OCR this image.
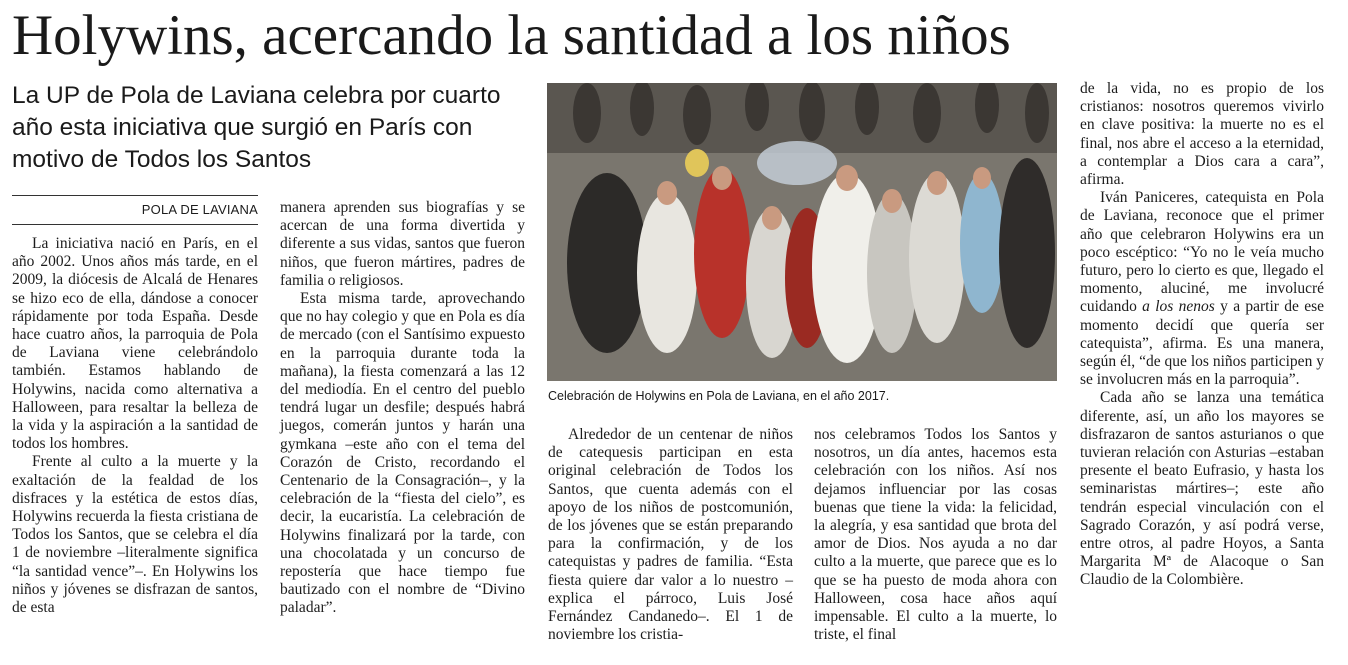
Holywins, acercando la santidad a los niños
La UP de Pola de Laviana celebra por cuarto año esta iniciativa que surgió en París con motivo de Todos los Santos
POLA DE LAVIANA

La iniciativa nació en París, en el año 2002. Unos años más tarde, en el 2009, la diócesis de Alcalá de Henares se hizo eco de ella, dándose a conocer rápidamente por toda España. Desde hace cuatro años, la parroquia de Pola de Laviana viene celebrándolo también. Estamos hablando de Holywins, nacida como alternativa a Halloween, para resaltar la belleza de la vida y la aspiración a la santidad de todos los hombres.

Frente al culto a la muerte y la exaltación de la fealdad de los disfraces y la estética de estos días, Holywins recuerda la fiesta cristiana de Todos los Santos, que se celebra el día 1 de noviembre –literalmente significa “la santidad vence”–. En Holywins los niños y jóvenes se disfrazan de santos, de esta

manera aprenden sus biografías y se acercan de una forma divertida y diferente a sus vidas, santos que fueron niños, que fueron mártires, padres de familia o religiosos.

Esta misma tarde, aprovechando que no hay colegio y que en Pola es día de mercado (con el Santísimo expuesto en la parroquia durante toda la mañana), la fiesta comenzará a las 12 del mediodía. En el centro del pueblo tendrá lugar un desfile; después habrá juegos, comerán juntos y harán una gymkana –este año con el tema del Corazón de Cristo, recordando el Centenario de la Consagración–, y la celebración de la “fiesta del cielo”, es decir, la eucaristía. La celebración de Holywins finalizará por la tarde, con una chocolatada y un concurso de repostería que hace tiempo fue bautizado con el nombre de “Divino paladar”.

Celebración de Holywins en Pola de Laviana, en el año 2017.

Alrededor de un centenar de niños de catequesis participan en esta original celebración de Todos los Santos, que cuenta además con el apoyo de los niños de postcomunión, de los jóvenes que se están preparando para la confirmación, y de los catequistas y padres de familia. “Esta fiesta quiere dar valor a lo nuestro –explica el párroco, Luis José Fernández Candanedo–. El 1 de noviembre los cristia-

nos celebramos Todos los Santos y nosotros, un día antes, hacemos esta celebración con los niños. Así nos dejamos influenciar por las cosas buenas que tiene la vida: la felicidad, la alegría, y esa santidad que brota del amor de Dios. Nos ayuda a no dar culto a la muerte, que parece que es lo que se ha puesto de moda ahora con Halloween, cosa hace años aquí impensable. El culto a la muerte, lo triste, el final

de la vida, no es propio de los cristianos: nosotros queremos vivirlo en clave positiva: la muerte no es el final, nos abre el acceso a la eternidad, a contemplar a Dios cara a cara”, afirma.

Iván Paniceres, catequista en Pola de Laviana, reconoce que el primer año que celebraron Holywins era un poco escéptico: “Yo no le veía mucho futuro, pero lo cierto es que, llegado el momento, aluciné, me involucré cuidando a los nenos y a partir de ese momento decidí que quería ser catequista”, afirma. Es una manera, según él, “de que los niños participen y se involucren más en la parroquia”.

Cada año se lanza una temática diferente, así, un año los mayores se disfrazaron de santos asturianos o que tuvieran relación con Asturias –estaban presente el beato Eufrasio, y hasta los seminaristas mártires–; este año tendrán especial vinculación con el Sagrado Corazón, y así podrá verse, entre otros, al padre Hoyos, a Santa Margarita Mª de Alacoque o San Claudio de la Colombière.
